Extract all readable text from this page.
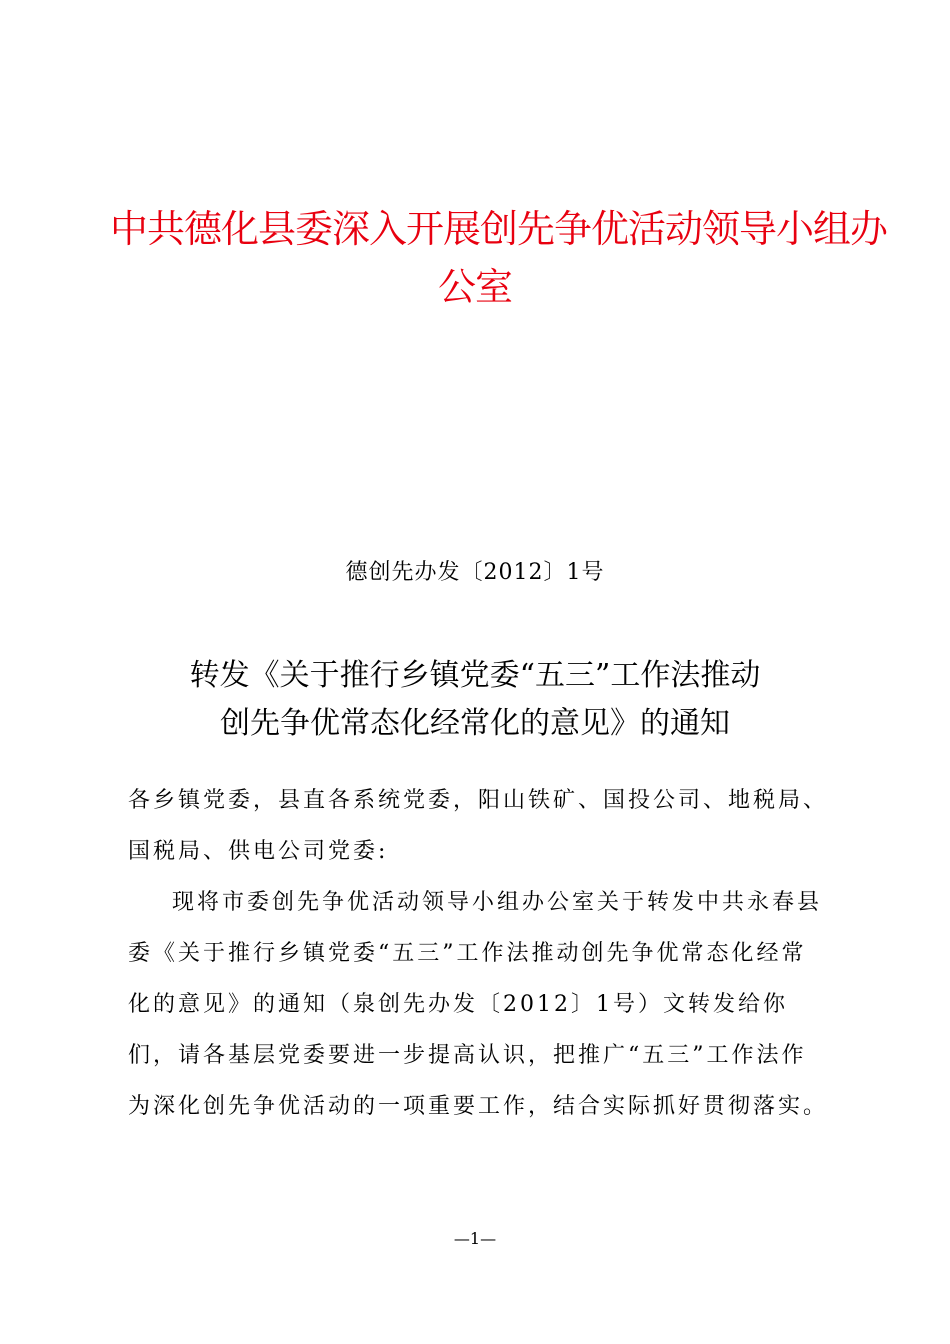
中共德化县委深入开展创先争优活动领导小组办
公室
德创先办发〔2012〕1号
转发《关于推行乡镇党委“五三”工作法推动
创先争优常态化经常化的意见》的通知

各乡镇党委，县直各系统党委，阳山铁矿、国投公司、地税局、国税局、供电公司党委:

现将市委创先争优活动领导小组办公室关于转发中共永春县委《关于推行乡镇党委“五三”工作法推动创先争优常态化经常化的意见》的通知（泉创先办发〔2012〕1号）文转发给你们，请各基层党委要进一步提高认识，把推广“五三”工作法作为深化创先争优活动的一项重要工作，结合实际抓好贯彻落实。

—1—
